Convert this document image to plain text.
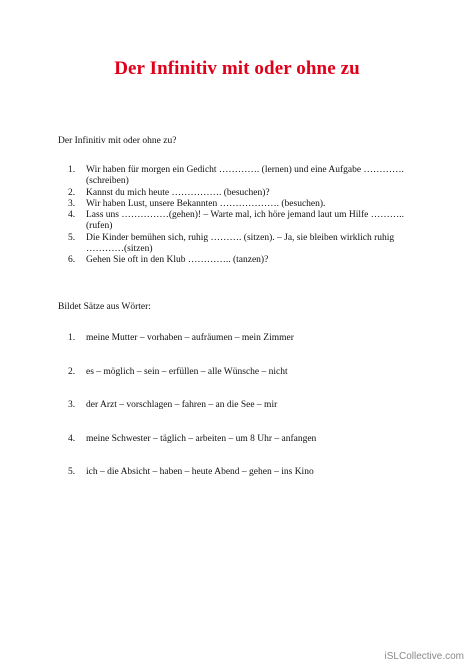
Der Infinitiv mit oder ohne zu
Der Infinitiv mit oder ohne zu?
1. Wir haben für morgen ein Gedicht …………. (lernen) und eine Aufgabe ………….
(schreiben)
2. Kannst du mich heute ……………. (besuchen)?
3. Wir haben Lust, unsere Bekannten ………………. (besuchen).
4. Lass uns ……………(gehen)! – Warte mal, ich höre jemand laut um Hilfe ………..
(rufen)
5. Die Kinder bemühen sich, ruhig ………. (sitzen). – Ja, sie bleiben wirklich ruhig
…………(sitzen)
6. Gehen Sie oft in den Klub ………….. (tanzen)?
Bildet Sätze aus Wörter:
1. meine Mutter – vorhaben – aufräumen – mein Zimmer
2. es – möglich – sein – erfüllen – alle Wünsche – nicht
3. der Arzt – vorschlagen – fahren – an die See – mir
4. meine Schwester – täglich – arbeiten – um 8 Uhr – anfangen
5. ich – die Absicht – haben – heute Abend – gehen – ins Kino
iSLCollective.com
